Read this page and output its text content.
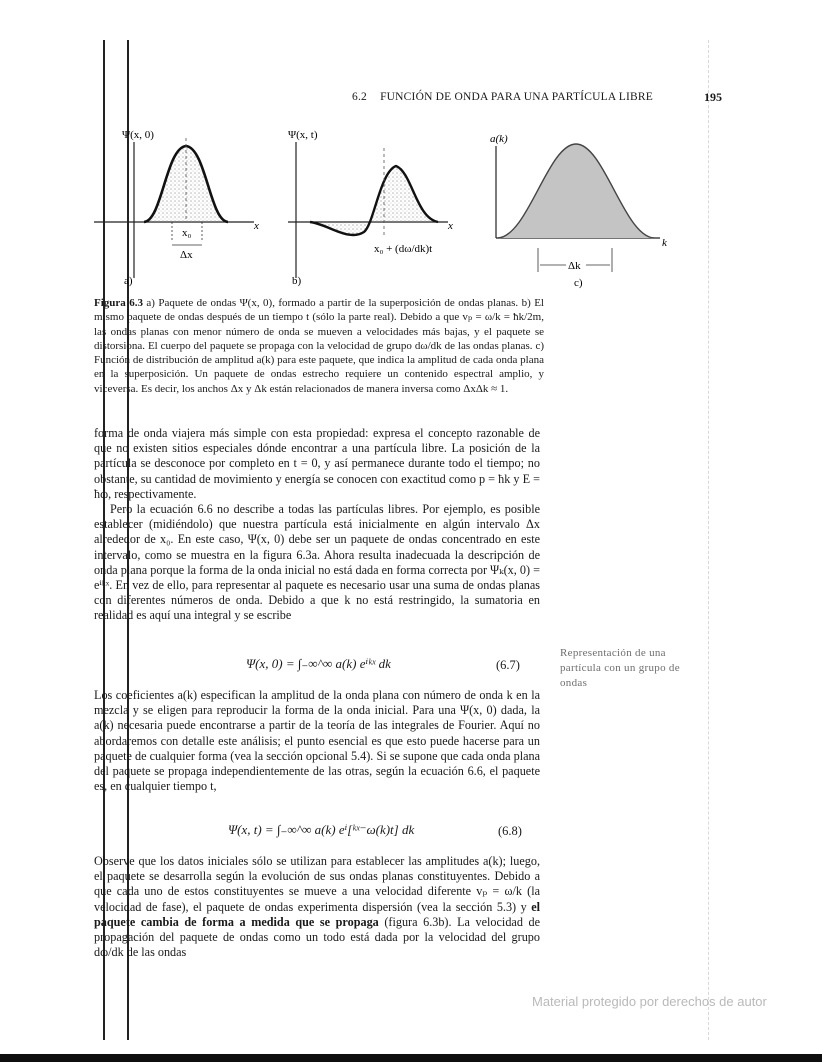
6.2 FUNCIÓN DE ONDA PARA UNA PARTÍCULA LIBRE	195
Ψ(x, 0)
x
x₀
Δx
a)
Ψ(x, t)
x
x₀ + (dω/dk)t
b)
a(k)
k
Δk
c)
Figura 6.3 a) Paquete de ondas Ψ(x, 0), formado a partir de la superposición de ondas planas. b) El mismo paquete de ondas después de un tiempo t (sólo la parte real). Debido a que vₚ = ω/k = ħk/2m, las ondas planas con menor número de onda se mueven a velocidades más bajas, y el paquete se distorsiona. El cuerpo del paquete se propaga con la velocidad de grupo dω/dk de las ondas planas. c) Función de distribución de amplitud a(k) para este paquete, que indica la amplitud de cada onda plana en la superposición. Un paquete de ondas estrecho requiere un contenido espectral amplio, y viceversa. Es decir, los anchos Δx y Δk están relacionados de manera inversa como ΔxΔk ≈ 1.

forma de onda viajera más simple con esta propiedad: expresa el concepto razonable de que no existen sitios especiales dónde encontrar a una partícula libre. La posición de la partícula se desconoce por completo en t = 0, y así permanece durante todo el tiempo; no obstante, su cantidad de movimiento y energía se conocen con exactitud como p = ħk y E = ħω, respectivamente.

Pero la ecuación 6.6 no describe a todas las partículas libres. Por ejemplo, es posible establecer (midiéndolo) que nuestra partícula está inicialmente en algún intervalo Δx alrededor de x₀. En este caso, Ψ(x, 0) debe ser un paquete de ondas concentrado en este intervalo, como se muestra en la figura 6.3a. Ahora resulta inadecuada la descripción de onda plana porque la forma de la onda inicial no está dada en forma correcta por Ψₖ(x, 0) = eⁱᵏˣ. En vez de ello, para representar al paquete es necesario usar una suma de ondas planas con diferentes números de onda. Debido a que k no está restringido, la sumatoria en realidad es aquí una integral y se escribe

Ψ(x, 0) = ∫₋∞^∞ a(k) eⁱᵏˣ dk	(6.7)
Representación de una partícula con un grupo de ondas

Los coeficientes a(k) especifican la amplitud de la onda plana con número de onda k en la mezcla y se eligen para reproducir la forma de la onda inicial. Para una Ψ(x, 0) dada, la a(k) necesaria puede encontrarse a partir de la teoría de las integrales de Fourier. Aquí no abordaremos con detalle este análisis; el punto esencial es que esto puede hacerse para un paquete de cualquier forma (vea la sección opcional 5.4). Si se supone que cada onda plana del paquete se propaga independientemente de las otras, según la ecuación 6.6, el paquete es, en cualquier tiempo t,

Ψ(x, t) = ∫₋∞^∞ a(k) eⁱ[ᵏˣ⁻ω(k)t] dk	(6.8)

Observe que los datos iniciales sólo se utilizan para establecer las amplitudes a(k); luego, el paquete se desarrolla según la evolución de sus ondas planas constituyentes. Debido a que cada uno de estos constituyentes se mueve a una velocidad diferente vₚ = ω/k (la velocidad de fase), el paquete de ondas experimenta dispersión (vea la sección 5.3) y el paquete cambia de forma a medida que se propaga (figura 6.3b). La velocidad de propagación del paquete de ondas como un todo está dada por la velocidad del grupo dω/dk de las ondas

Material protegido por derechos de autor
